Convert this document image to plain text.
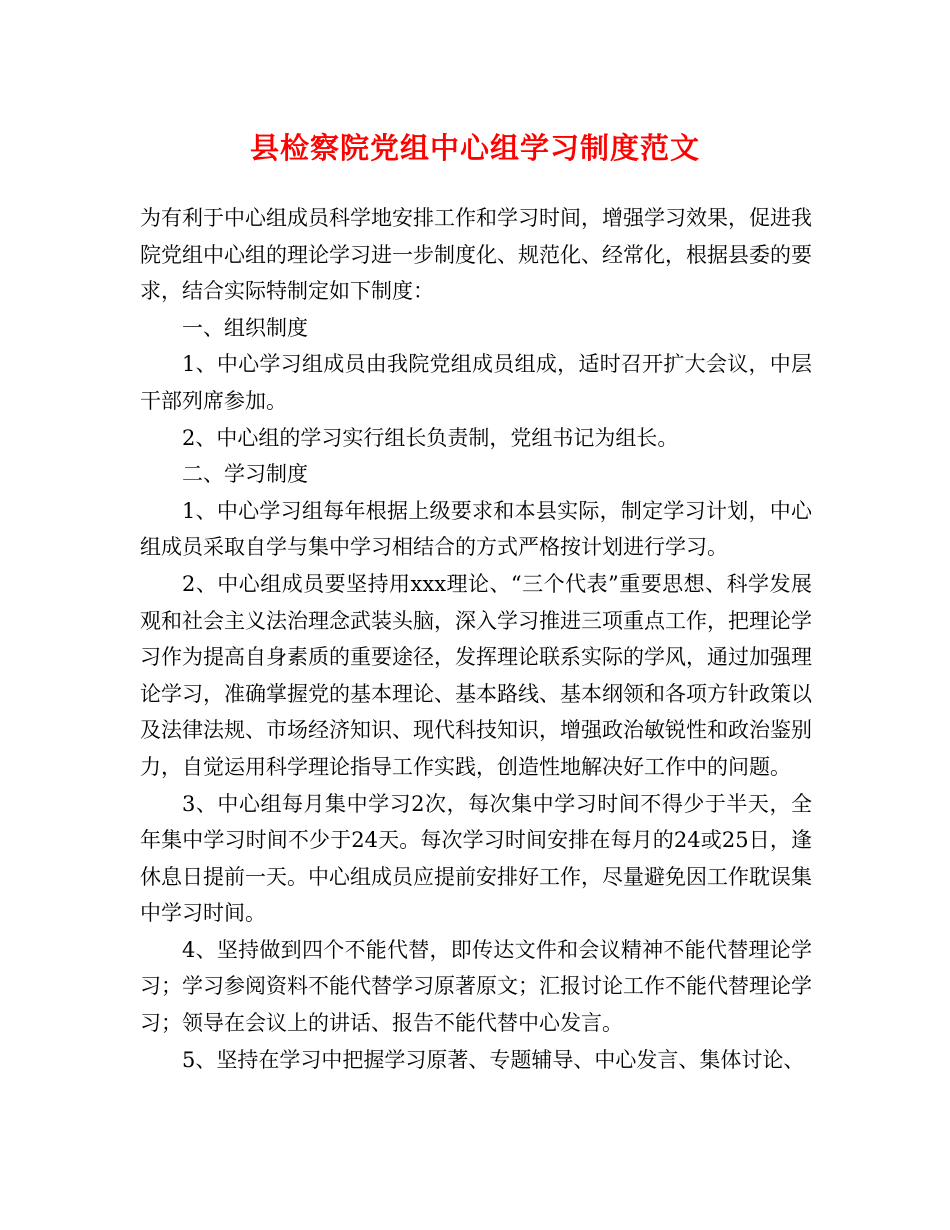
县检察院党组中心组学习制度范文

为有利于中心组成员科学地安排工作和学习时间，增强学习效果，促进我院党组中心组的理论学习进一步制度化、规范化、经常化，根据县委的要求，结合实际特制定如下制度：

一、组织制度

1、中心学习组成员由我院党组成员组成，适时召开扩大会议，中层干部列席参加。

2、中心组的学习实行组长负责制，党组书记为组长。

二、学习制度

1、中心学习组每年根据上级要求和本县实际，制定学习计划，中心组成员采取自学与集中学习相结合的方式严格按计划进行学习。

2、中心组成员要坚持用xxx理论、“三个代表”重要思想、科学发展观和社会主义法治理念武装头脑，深入学习推进三项重点工作，把理论学习作为提高自身素质的重要途径，发挥理论联系实际的学风，通过加强理论学习，准确掌握党的基本理论、基本路线、基本纲领和各项方针政策以及法律法规、市场经济知识、现代科技知识，增强政治敏锐性和政治鉴别力，自觉运用科学理论指导工作实践，创造性地解决好工作中的问题。

3、中心组每月集中学习2次，每次集中学习时间不得少于半天，全年集中学习时间不少于24天。每次学习时间安排在每月的24或25日，逢休息日提前一天。中心组成员应提前安排好工作，尽量避免因工作耽误集中学习时间。

4、坚持做到四个不能代替，即传达文件和会议精神不能代替理论学习；学习参阅资料不能代替学习原著原文；汇报讨论工作不能代替理论学习；领导在会议上的讲话、报告不能代替中心发言。

5、坚持在学习中把握学习原著、专题辅导、中心发言、集体讨论、
